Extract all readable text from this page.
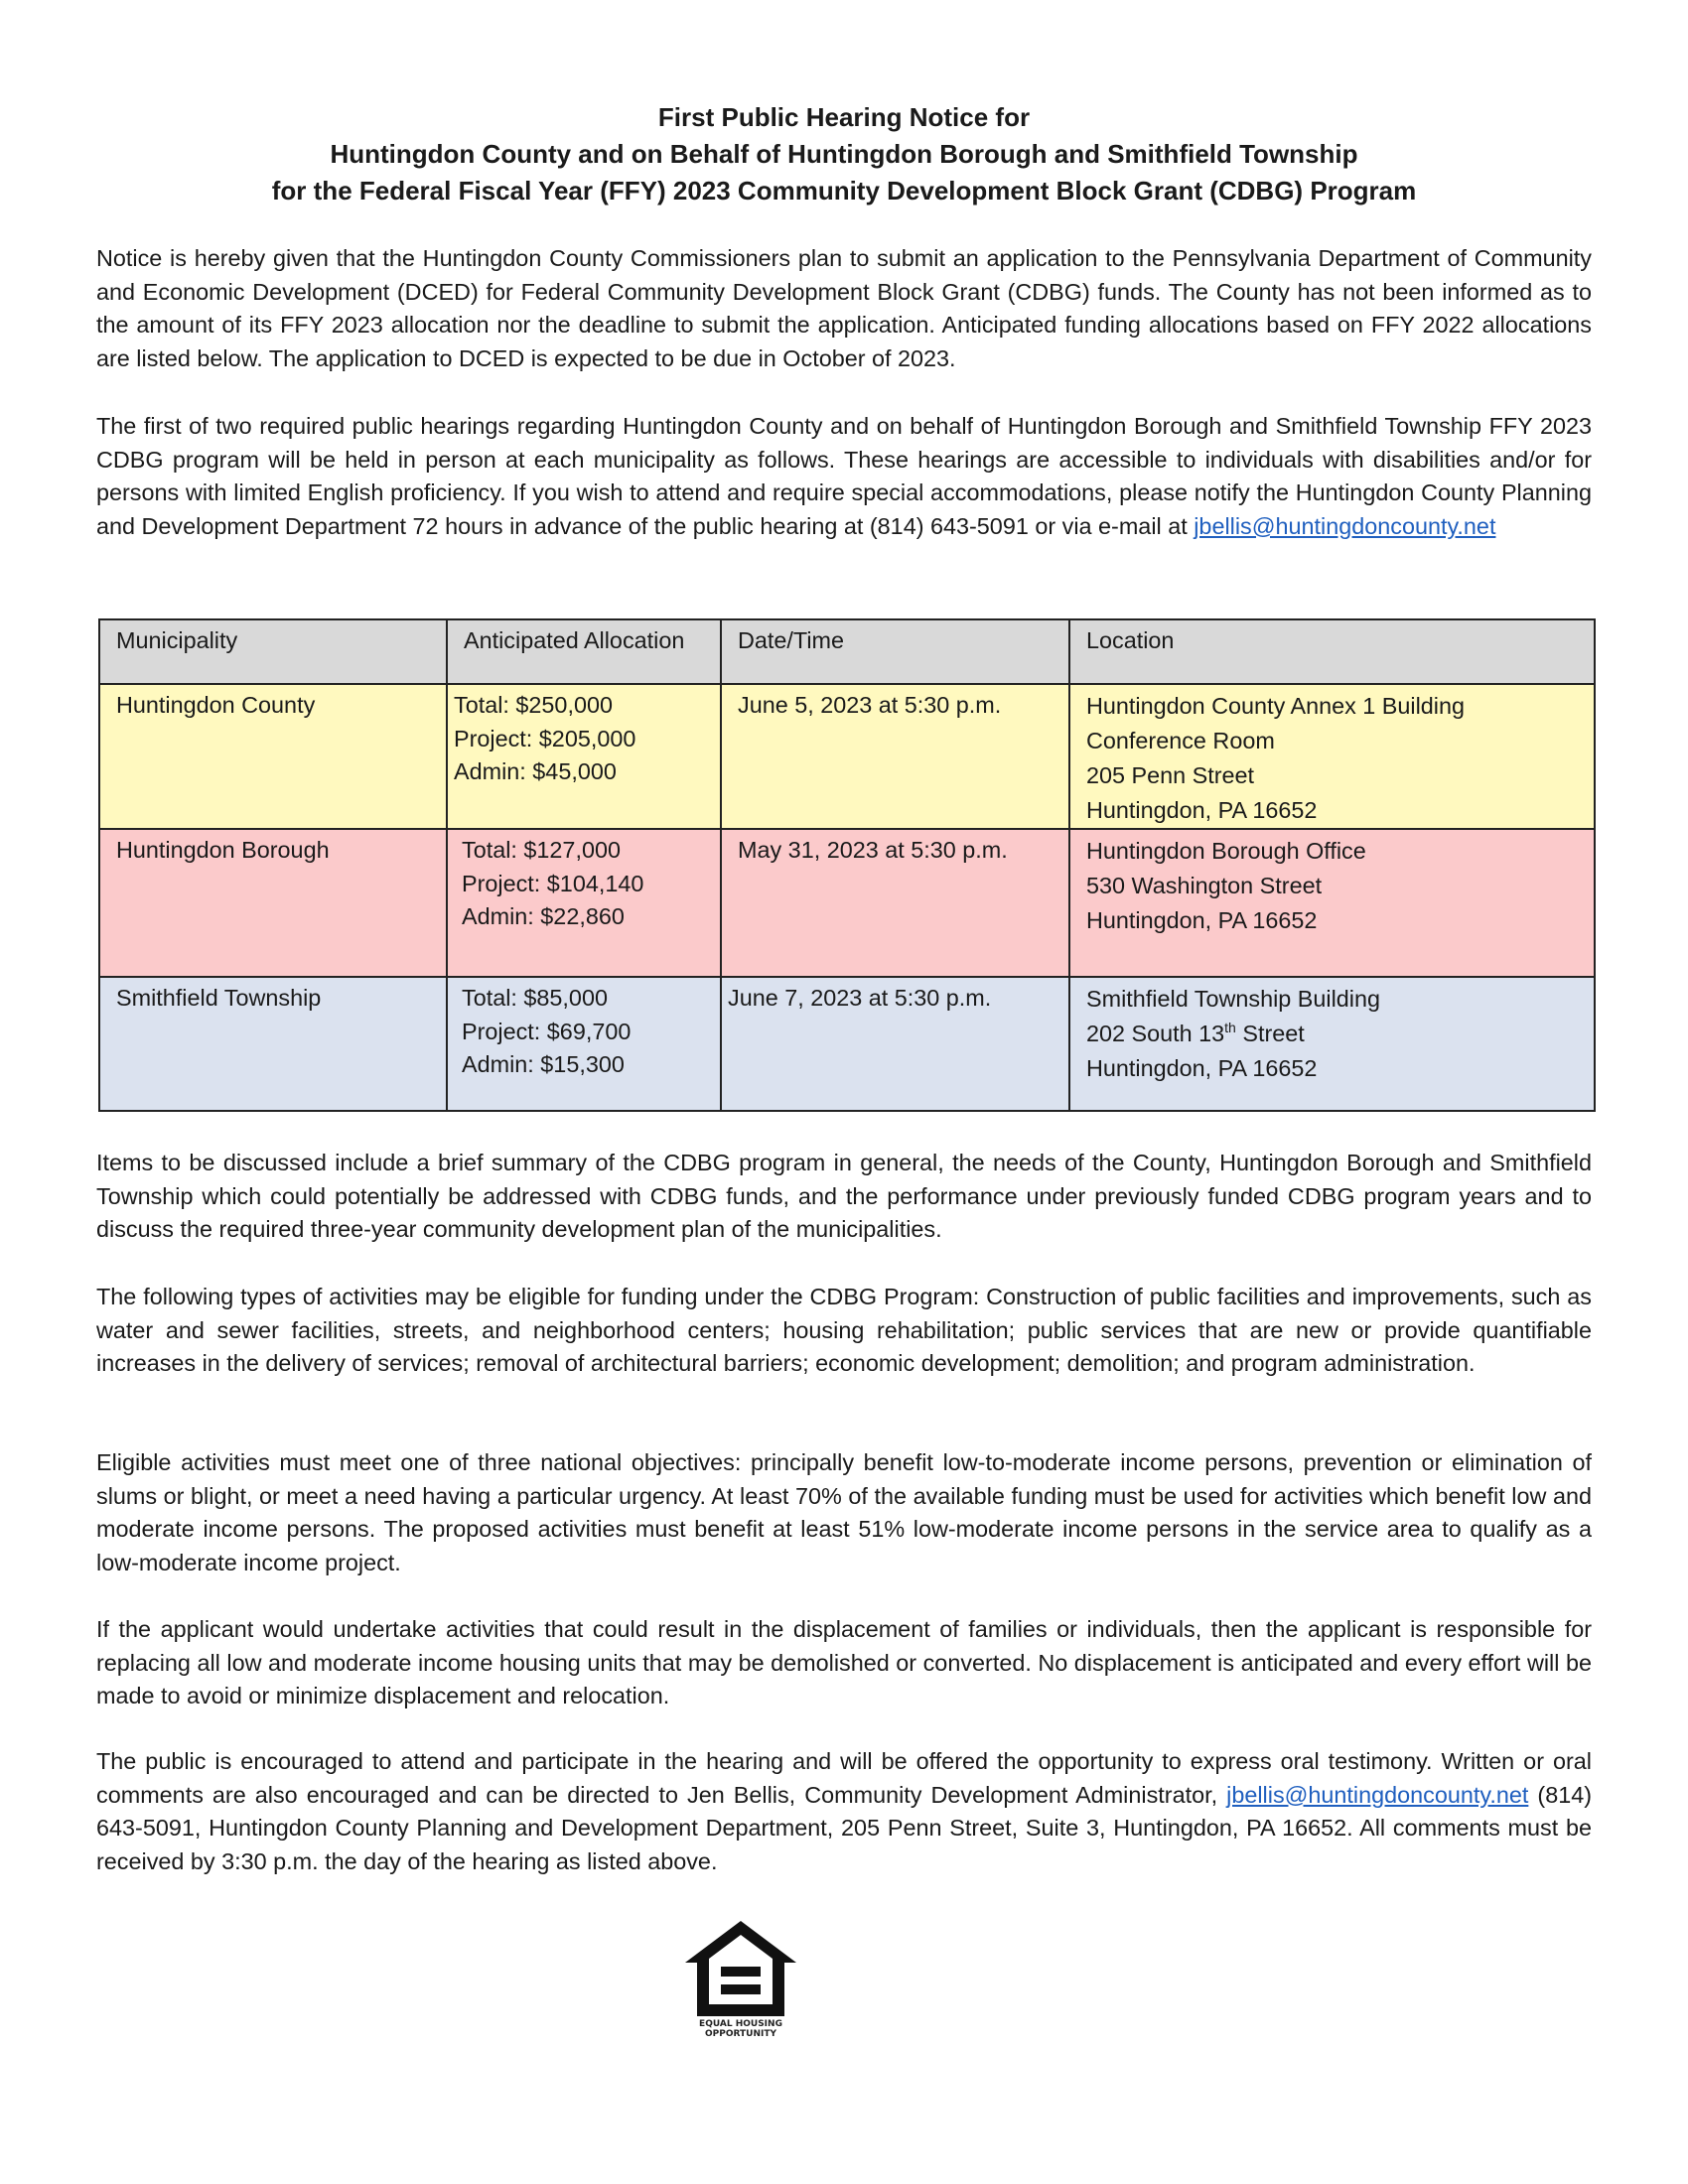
First Public Hearing Notice for
Huntingdon County and on Behalf of Huntingdon Borough and Smithfield Township
for the Federal Fiscal Year (FFY) 2023 Community Development Block Grant (CDBG) Program

Notice is hereby given that the Huntingdon County Commissioners plan to submit an application to the Pennsylvania Department of Community and Economic Development (DCED) for Federal Community Development Block Grant (CDBG) funds. The County has not been informed as to the amount of its FFY 2023 allocation nor the deadline to submit the application. Anticipated funding allocations based on FFY 2022 allocations are listed below. The application to DCED is expected to be due in October of 2023.

The first of two required public hearings regarding Huntingdon County and on behalf of Huntingdon Borough and Smithfield Township FFY 2023 CDBG program will be held in person at each municipality as follows. These hearings are accessible to individuals with disabilities and/or for persons with limited English proficiency. If you wish to attend and require special accommodations, please notify the Huntingdon County Planning and Development Department 72 hours in advance of the public hearing at (814) 643-5091 or via e-mail at jbellis@huntingdoncounty.net

Municipality	Anticipated Allocation	Date/Time	Location
Huntingdon County	Total: $250,000
Project: $205,000
Admin: $45,000	June 5, 2023 at 5:30 p.m.	Huntingdon County Annex 1 Building
Conference Room
205 Penn Street
Huntingdon, PA 16652

Huntingdon Borough	Total: $127,000
Project: $104,140
Admin: $22,860	May 31, 2023 at 5:30 p.m.	Huntingdon Borough Office
530 Washington Street
Huntingdon, PA 16652

Smithfield Township	Total: $85,000
Project: $69,700
Admin: $15,300	June 7, 2023 at 5:30 p.m.	Smithfield Township Building
202 South 13th Street
Huntingdon, PA 16652

Items to be discussed include a brief summary of the CDBG program in general, the needs of the County, Huntingdon Borough and Smithfield Township which could potentially be addressed with CDBG funds, and the performance under previously funded CDBG program years and to discuss the required three-year community development plan of the municipalities.

The following types of activities may be eligible for funding under the CDBG Program: Construction of public facilities and improvements, such as water and sewer facilities, streets, and neighborhood centers; housing rehabilitation; public services that are new or provide quantifiable increases in the delivery of services; removal of architectural barriers; economic development; demolition; and program administration.

Eligible activities must meet one of three national objectives: principally benefit low-to-moderate income persons, prevention or elimination of slums or blight, or meet a need having a particular urgency. At least 70% of the available funding must be used for activities which benefit low and moderate income persons. The proposed activities must benefit at least 51% low-moderate income persons in the service area to qualify as a low-moderate income project.

If the applicant would undertake activities that could result in the displacement of families or individuals, then the applicant is responsible for replacing all low and moderate income housing units that may be demolished or converted. No displacement is anticipated and every effort will be made to avoid or minimize displacement and relocation.

The public is encouraged to attend and participate in the hearing and will be offered the opportunity to express oral testimony. Written or oral comments are also encouraged and can be directed to Jen Bellis, Community Development Administrator, jbellis@huntingdoncounty.net (814) 643-5091, Huntingdon County Planning and Development Department, 205 Penn Street, Suite 3, Huntingdon, PA 16652. All comments must be received by 3:30 p.m. the day of the hearing as listed above.

EQUAL HOUSING
OPPORTUNITY
